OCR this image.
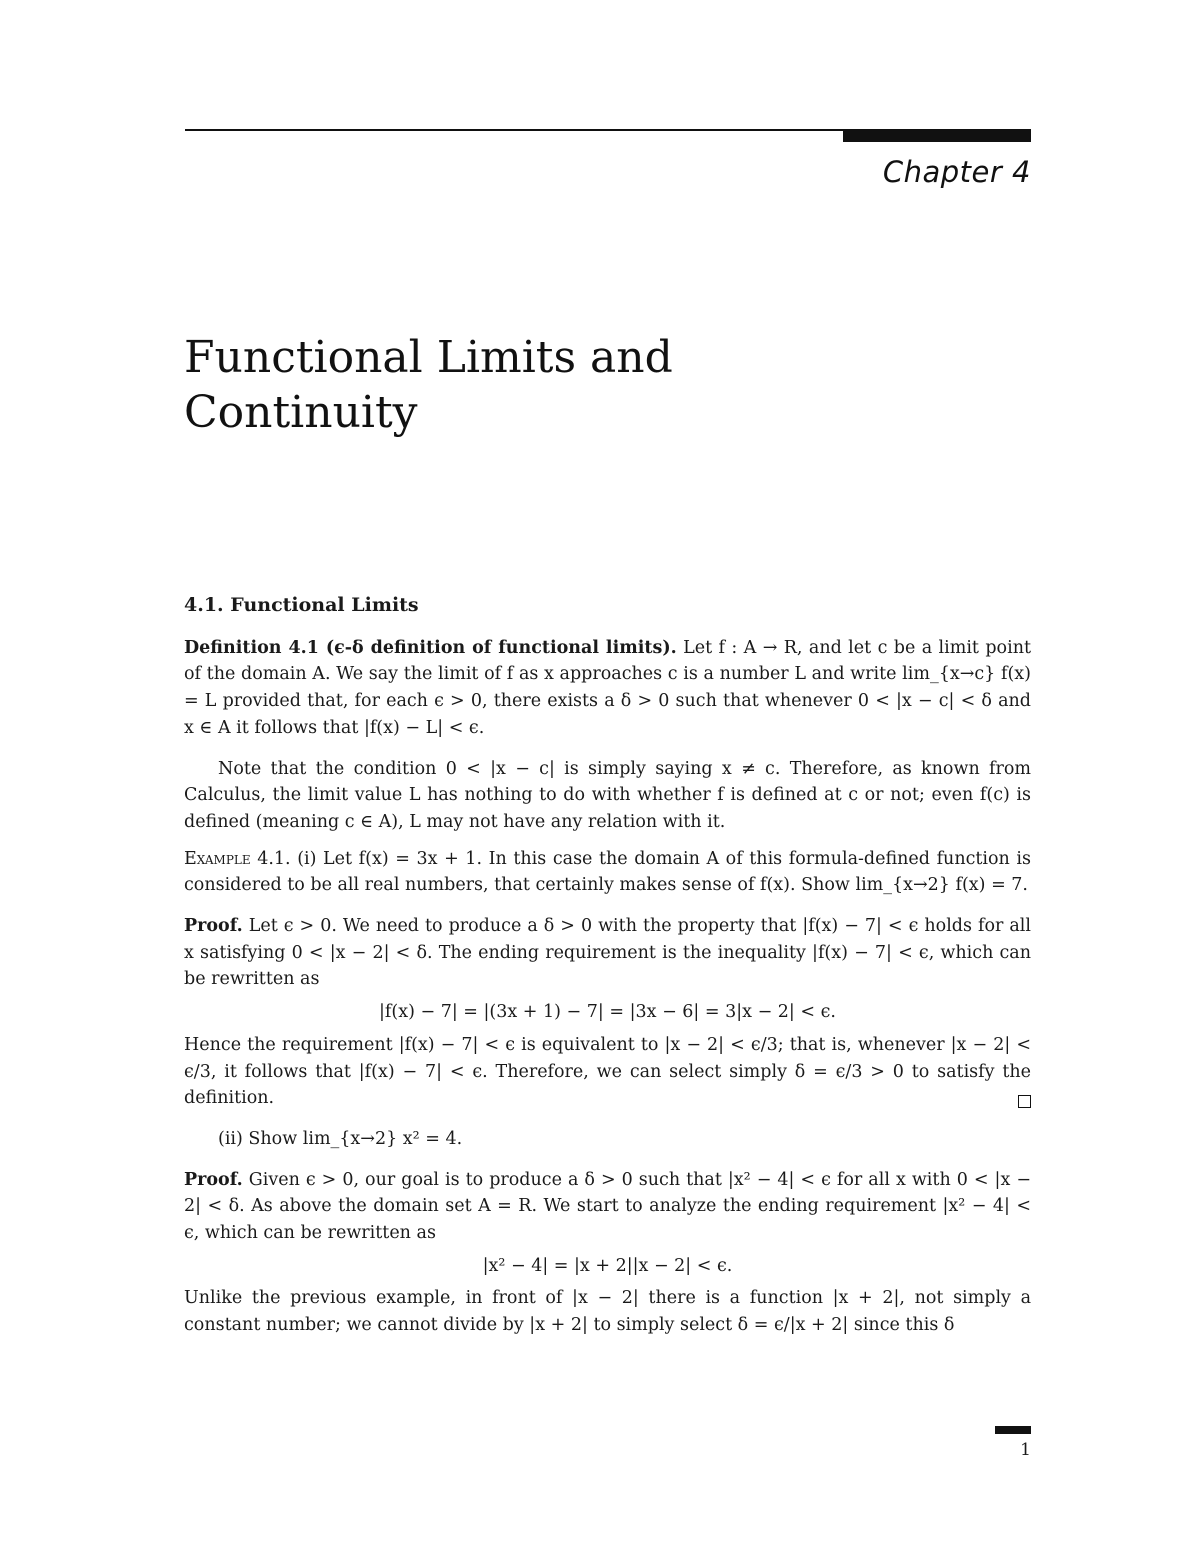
Chapter 4
Functional Limits and
Continuity
4.1. Functional Limits

Definition 4.1 (ϵ-δ definition of functional limits). Let f : A → R, and let c be a limit point of the domain A. We say the limit of f as x approaches c is a number L and write lim_{x→c} f(x) = L provided that, for each ϵ > 0, there exists a δ > 0 such that whenever 0 < |x − c| < δ and x ∈ A it follows that |f(x) − L| < ϵ.

Note that the condition 0 < |x − c| is simply saying x ≠ c. Therefore, as known from Calculus, the limit value L has nothing to do with whether f is defined at c or not; even f(c) is defined (meaning c ∈ A), L may not have any relation with it.

Example 4.1. (i) Let f(x) = 3x + 1. In this case the domain A of this formula-defined function is considered to be all real numbers, that certainly makes sense of f(x). Show lim_{x→2} f(x) = 7.

Proof. Let ϵ > 0. We need to produce a δ > 0 with the property that |f(x) − 7| < ϵ holds for all x satisfying 0 < |x − 2| < δ. The ending requirement is the inequality |f(x) − 7| < ϵ, which can be rewritten as

|f(x) − 7| = |(3x + 1) − 7| = |3x − 6| = 3|x − 2| < ϵ.

Hence the requirement |f(x) − 7| < ϵ is equivalent to |x − 2| < ϵ/3; that is, whenever |x − 2| < ϵ/3, it follows that |f(x) − 7| < ϵ. Therefore, we can select simply δ = ϵ/3 > 0 to satisfy the definition.

(ii) Show lim_{x→2} x² = 4.

Proof. Given ϵ > 0, our goal is to produce a δ > 0 such that |x² − 4| < ϵ for all x with 0 < |x − 2| < δ. As above the domain set A = R. We start to analyze the ending requirement |x² − 4| < ϵ, which can be rewritten as

|x² − 4| = |x + 2||x − 2| < ϵ.

Unlike the previous example, in front of |x − 2| there is a function |x + 2|, not simply a constant number; we cannot divide by |x + 2| to simply select δ = ϵ/|x + 2| since this δ

1
